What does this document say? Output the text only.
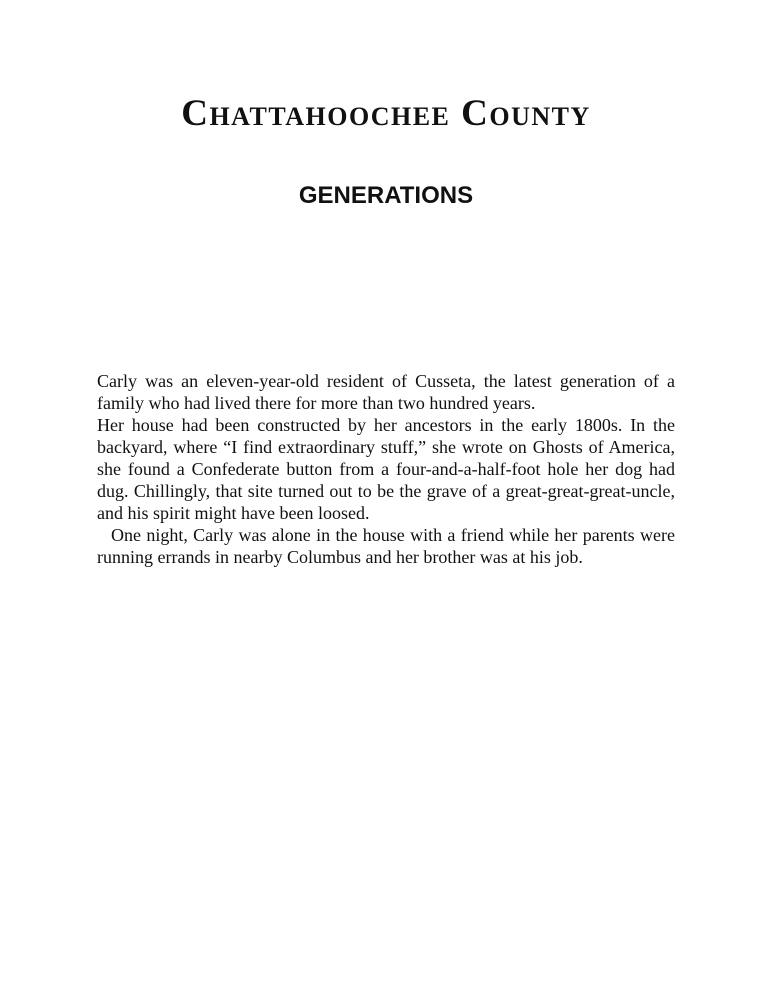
Chattahoochee County
GENERATIONS

Carly was an eleven-year-old resident of Cusseta, the latest generation of a family who had lived there for more than two hundred years.

Her house had been constructed by her ancestors in the early 1800s. In the backyard, where “I find extraordinary stuff,” she wrote on Ghosts of America, she found a Confederate button from a four-and-a-half-foot hole her dog had dug. Chillingly, that site turned out to be the grave of a great-great-great-uncle, and his spirit might have been loosed.

One night, Carly was alone in the house with a friend while her parents were running errands in nearby Columbus and her brother was at his job.
